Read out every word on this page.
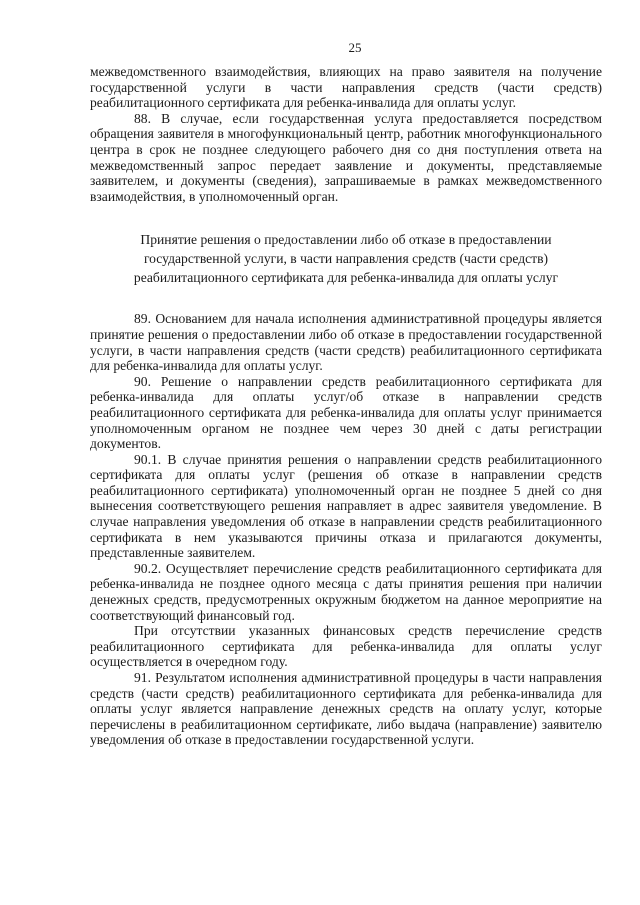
25

межведомственного взаимодействия, влияющих на право заявителя на получение государственной услуги в части направления средств (части средств) реабилитационного сертификата для ребенка-инвалида для оплаты услуг.

88. В случае, если государственная услуга предоставляется посредством обращения заявителя в многофункциональный центр, работник многофункционального центра в срок не позднее следующего рабочего дня со дня поступления ответа на межведомственный запрос передает заявление и документы, представляемые заявителем, и документы (сведения), запрашиваемые в рамках межведомственного взаимодействия, в уполномоченный орган.

Принятие решения о предоставлении либо об отказе в предоставлении государственной услуги, в части направления средств (части средств) реабилитационного сертификата для ребенка-инвалида для оплаты услуг

89. Основанием для начала исполнения административной процедуры является принятие решения о предоставлении либо об отказе в предоставлении государственной услуги, в части направления средств (части средств) реабилитационного сертификата для ребенка-инвалида для оплаты услуг.

90. Решение о направлении средств реабилитационного сертификата для ребенка-инвалида для оплаты услуг/об отказе в направлении средств реабилитационного сертификата для ребенка-инвалида для оплаты услуг принимается уполномоченным органом не позднее чем через 30 дней с даты регистрации документов.

90.1. В случае принятия решения о направлении средств реабилитационного сертификата для оплаты услуг (решения об отказе в направлении средств реабилитационного сертификата) уполномоченный орган не позднее 5 дней со дня вынесения соответствующего решения направляет в адрес заявителя уведомление. В случае направления уведомления об отказе в направлении средств реабилитационного сертификата в нем указываются причины отказа и прилагаются документы, представленные заявителем.

90.2. Осуществляет перечисление средств реабилитационного сертификата для ребенка-инвалида не позднее одного месяца с даты принятия решения при наличии денежных средств, предусмотренных окружным бюджетом на данное мероприятие на соответствующий финансовый год.

При отсутствии указанных финансовых средств перечисление средств реабилитационного сертификата для ребенка-инвалида для оплаты услуг осуществляется в очередном году.

91. Результатом исполнения административной процедуры в части направления средств (части средств) реабилитационного сертификата для ребенка-инвалида для оплаты услуг является направление денежных средств на оплату услуг, которые перечислены в реабилитационном сертификате, либо выдача (направление) заявителю уведомления об отказе в предоставлении государственной услуги.
